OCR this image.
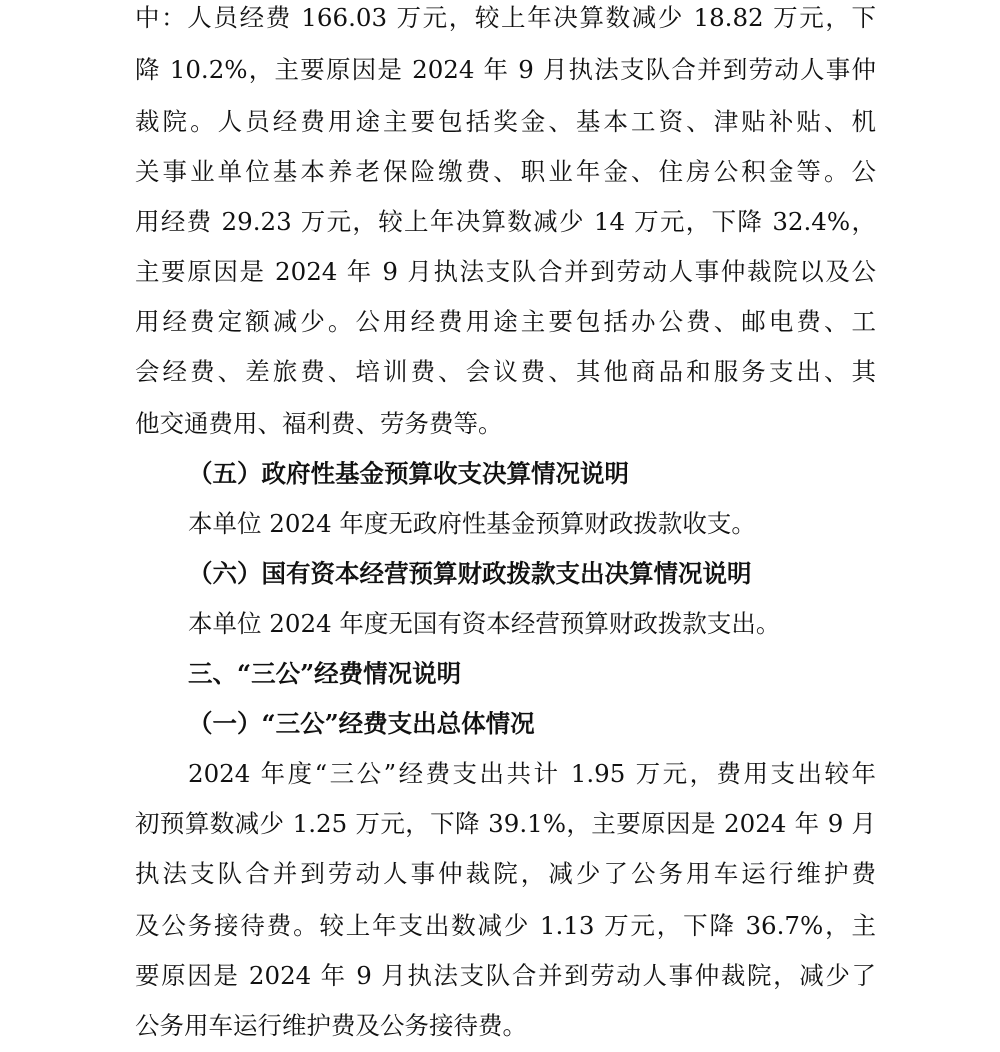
中：人员经费 166.03 万元，较上年决算数减少 18.82 万元，下
降 10.2%，主要原因是 2024 年 9 月执法支队合并到劳动人事仲
裁院。人员经费用途主要包括奖金、基本工资、津贴补贴、机
关事业单位基本养老保险缴费、职业年金、住房公积金等。公
用经费 29.23 万元，较上年决算数减少 14 万元，下降 32.4%，
主要原因是 2024 年 9 月执法支队合并到劳动人事仲裁院以及公
用经费定额减少。公用经费用途主要包括办公费、邮电费、工
会经费、差旅费、培训费、会议费、其他商品和服务支出、其
他交通费用、福利费、劳务费等。
（五）政府性基金预算收支决算情况说明
本单位 2024 年度无政府性基金预算财政拨款收支。
（六）国有资本经营预算财政拨款支出决算情况说明
本单位 2024 年度无国有资本经营预算财政拨款支出。
三、“三公”经费情况说明
（一）“三公”经费支出总体情况
2024 年度“三公”经费支出共计 1.95 万元，费用支出较年
初预算数减少 1.25 万元，下降 39.1%，主要原因是 2024 年 9 月
执法支队合并到劳动人事仲裁院，减少了公务用车运行维护费
及公务接待费。较上年支出数减少 1.13 万元，下降 36.7%，主
要原因是 2024 年 9 月执法支队合并到劳动人事仲裁院，减少了
公务用车运行维护费及公务接待费。
